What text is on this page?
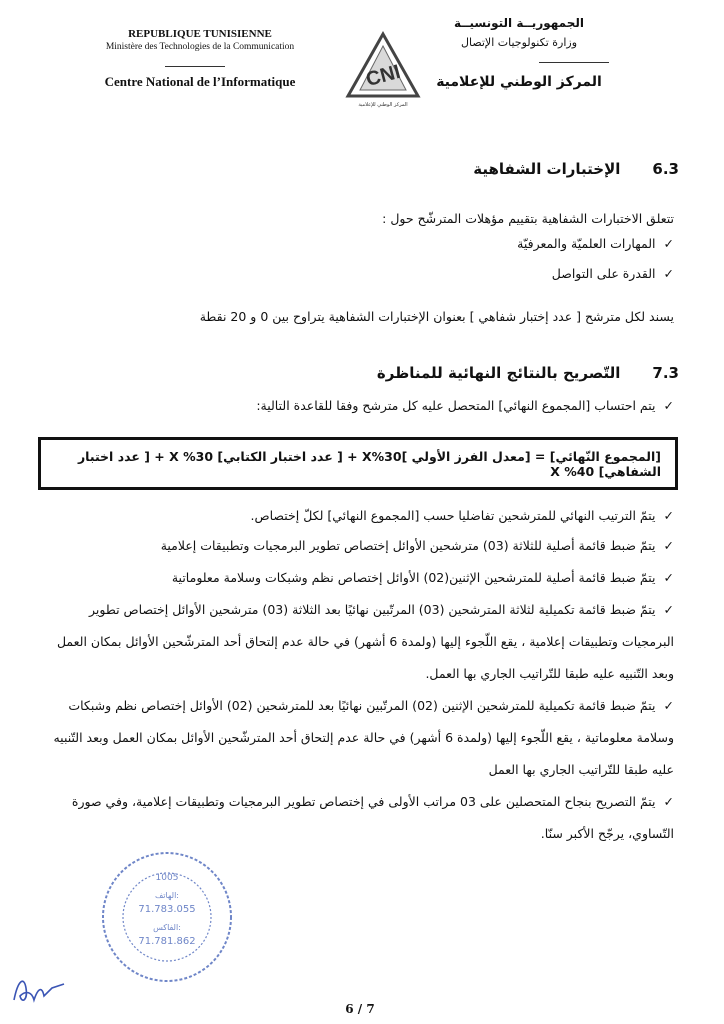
REPUBLIQUE TUNISIENNE
Ministère des Technologies de la Communication
Centre National de l’Informatique	CNI
المركز الوطني للإعلامية
الجمهوريــة التونسيــة
وزارة تكنولوجيات الإتصال
المركز الوطني للإعلامية
6.3الإختبارات الشفاهية
تتعلق الاختبارات الشفاهية بتقييم مؤهلات المترشّح حول :
✓المهارات العلميّة والمعرفيّة
✓القدرة على التواصل
يسند لكل مترشح [ عدد إختبار شفاهي ] بعنوان الإختبارات الشفاهية يتراوح بين 0 و 20 نقطة
7.3التّصريح بالنتائج النهائية للمناظرة
✓يتم احتساب [المجموع النهائي] المتحصل عليه كل مترشح وفقا للقاعدة التالية:
[المجموع النّهائي] = [معدل الفرز الأولي ]X%30 + [ عدد اختبار الكتابي] X %30 + [ عدد اختبار الشفاهي] X %40
✓يتمّ الترتيب النهائي للمترشحين تفاضليا حسب [المجموع النهائي] لكلّ إختصاص.
✓يتمّ ضبط قائمة أصلية للثلاثة (03) مترشحين الأوائل إختصاص تطوير البرمجيات وتطبيقات إعلامية
✓يتمّ ضبط قائمة أصلية للمترشحين الإثنين(02) الأوائل إختصاص نظم وشبكات وسلامة معلوماتية
✓يتمّ ضبط قائمة تكميلية لثلاثة المترشحين (03) المرتّبين نهائيًا بعد الثلاثة (03) مترشحين الأوائل إختصاص تطوير البرمجيات وتطبيقات إعلامية ، يقع اللّجوء إليها (ولمدة 6 أشهر) في حالة عدم إلتحاق أحد المترشّحين الأوائل بمكان العمل وبعد التّنبيه عليه طبقا للتّراتيب الجاري بها العمل.
✓يتمّ ضبط قائمة تكميلية للمترشحين الإثنين (02) المرتّبين نهائيًا بعد للمترشحين (02) الأوائل إختصاص نظم وشبكات وسلامة معلوماتية ، يقع اللّجوء إليها (ولمدة 6 أشهر) في حالة عدم إلتحاق أحد المترشّحين الأوائل بمكان العمل وبعد التّنبيه عليه طبقا للتّراتيب الجاري بها العمل
✓يتمّ التصريح بنجاح المتحصلين على 03 مراتب الأولى في إختصاص تطوير البرمجيات وتطبيقات إعلامية، وفي صورة التّساوي، يرجّح الأكبر سنّا.
1005
الهاتف:
71.783.055
الفاكس:
71.781.862
6 / 7
